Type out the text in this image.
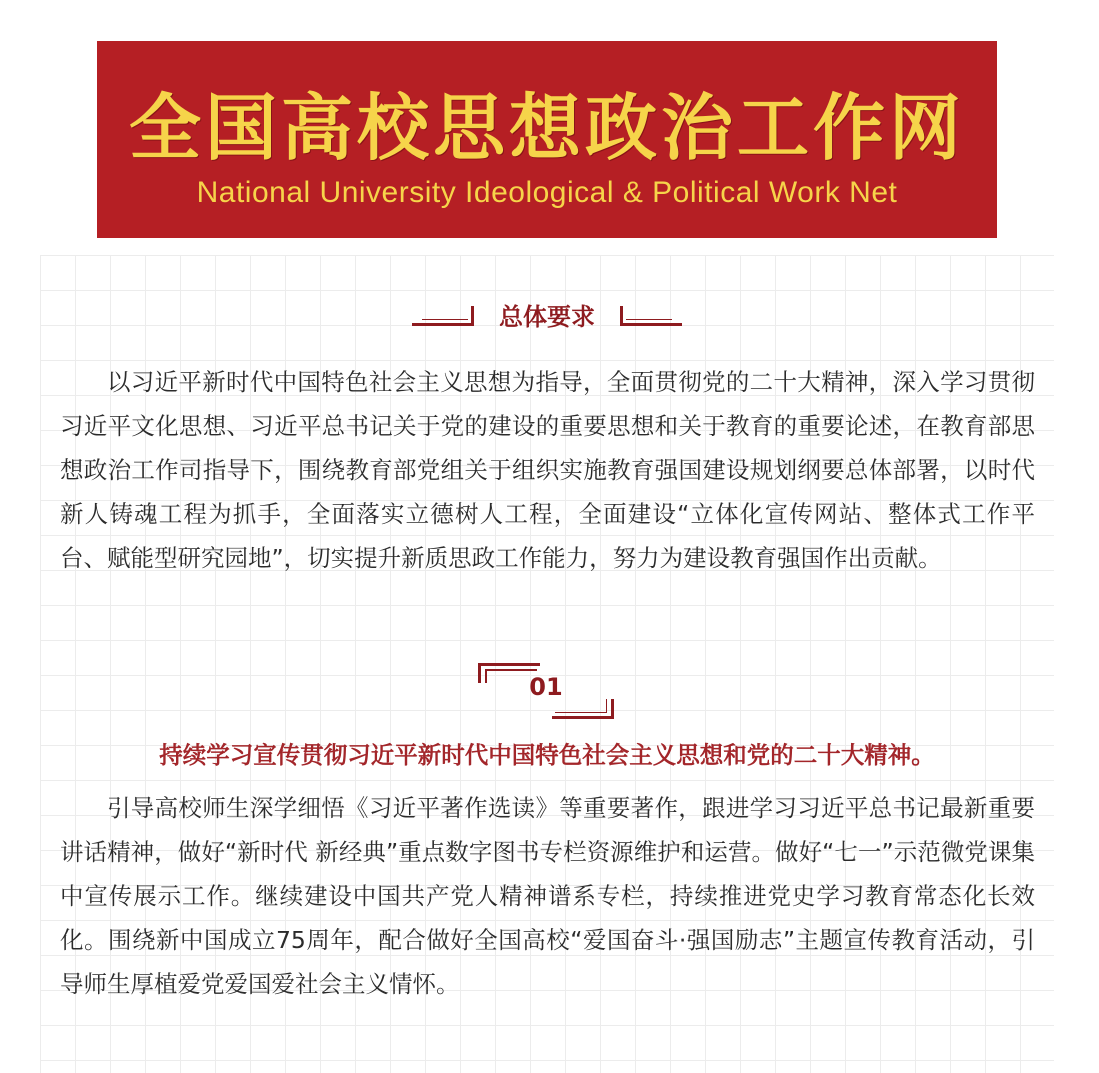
全国高校思想政治工作网
National University Ideological & Political Work Net
总体要求
以习近平新时代中国特色社会主义思想为指导，全面贯彻党的二十大精神，深入学习贯彻习近平文化思想、习近平总书记关于党的建设的重要思想和关于教育的重要论述，在教育部思想政治工作司指导下，围绕教育部党组关于组织实施教育强国建设规划纲要总体部署，以时代新人铸魂工程为抓手，全面落实立德树人工程，全面建设“立体化宣传网站、整体式工作平台、赋能型研究园地”，切实提升新质思政工作能力，努力为建设教育强国作出贡献。
01
持续学习宣传贯彻习近平新时代中国特色社会主义思想和党的二十大精神。
引导高校师生深学细悟《习近平著作选读》等重要著作，跟进学习习近平总书记最新重要讲话精神，做好“新时代 新经典”重点数字图书专栏资源维护和运营。做好“七一”示范微党课集中宣传展示工作。继续建设中国共产党人精神谱系专栏，持续推进党史学习教育常态化长效化。围绕新中国成立75周年，配合做好全国高校“爱国奋斗·强国励志”主题宣传教育活动，引导师生厚植爱党爱国爱社会主义情怀。
